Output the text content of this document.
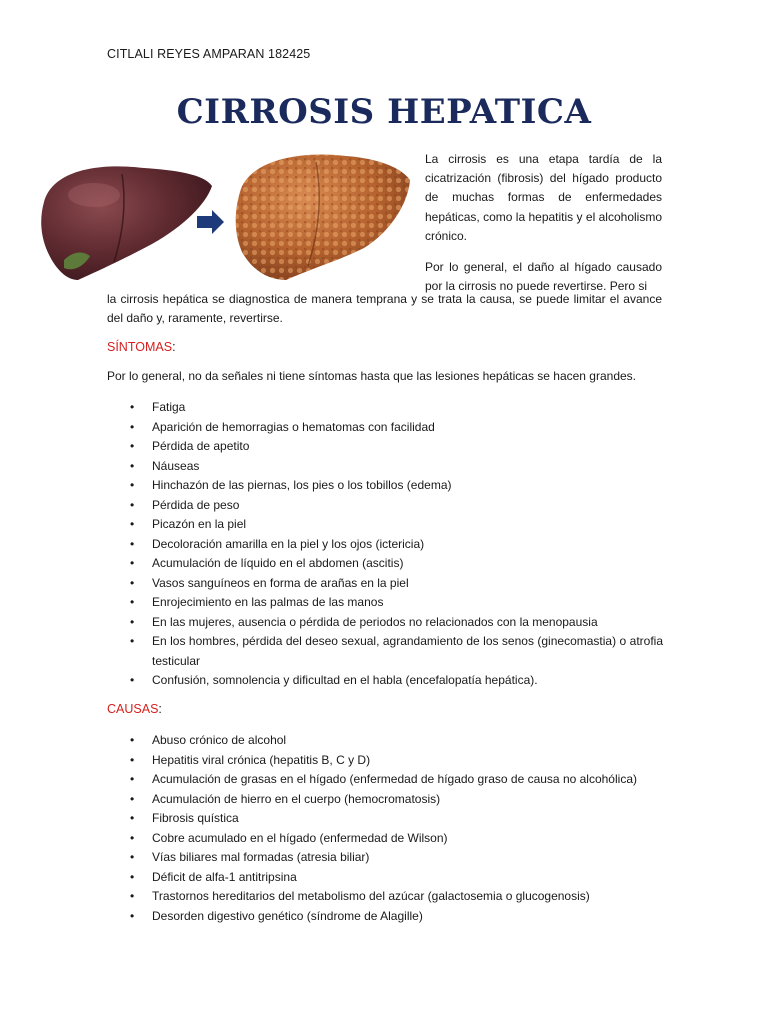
CITLALI REYES AMPARAN 182425
CIRROSIS HEPATICA

La cirrosis es una etapa tardía de la cicatrización (fibrosis) del hígado producto de muchas formas de enfermedades hepáticas, como la hepatitis y el alcoholismo crónico.

Por lo general, el daño al hígado causado por la cirrosis no puede revertirse. Pero si

la cirrosis hepática se diagnostica de manera temprana y se trata la causa, se puede limitar el avance del daño y, raramente, revertirse.
SÍNTOMAS:
Por lo general, no da señales ni tiene síntomas hasta que las lesiones hepáticas se hacen grandes.
• Fatiga
• Aparición de hemorragias o hematomas con facilidad
• Pérdida de apetito
• Náuseas
• Hinchazón de las piernas, los pies o los tobillos (edema)
• Pérdida de peso
• Picazón en la piel
• Decoloración amarilla en la piel y los ojos (ictericia)
• Acumulación de líquido en el abdomen (ascitis)
• Vasos sanguíneos en forma de arañas en la piel
• Enrojecimiento en las palmas de las manos
• En las mujeres, ausencia o pérdida de periodos no relacionados con la menopausia
• En los hombres, pérdida del deseo sexual, agrandamiento de los senos (ginecomastia) o atrofia testicular
• Confusión, somnolencia y dificultad en el habla (encefalopatía hepática).
CAUSAS:
• Abuso crónico de alcohol
• Hepatitis viral crónica (hepatitis B, C y D)
• Acumulación de grasas en el hígado (enfermedad de hígado graso de causa no alcohólica)
• Acumulación de hierro en el cuerpo (hemocromatosis)
• Fibrosis quística
• Cobre acumulado en el hígado (enfermedad de Wilson)
• Vías biliares mal formadas (atresia biliar)
• Déficit de alfa-1 antitripsina
• Trastornos hereditarios del metabolismo del azúcar (galactosemia o glucogenosis)
• Desorden digestivo genético (síndrome de Alagille)
